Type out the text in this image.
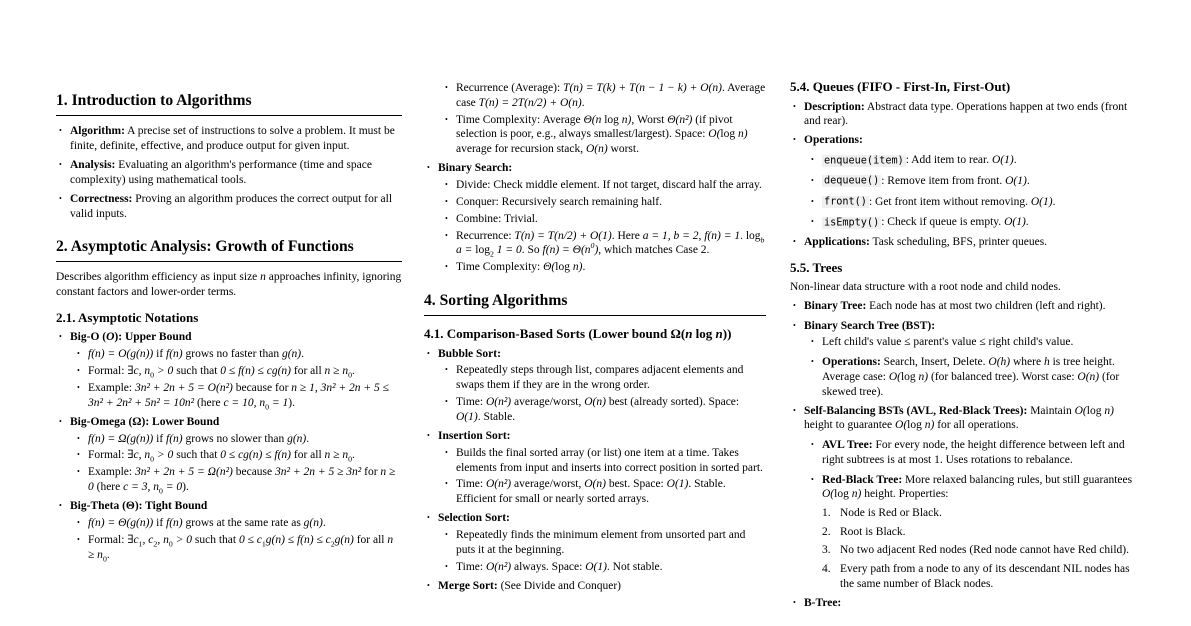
1. Introduction to Algorithms
• Algorithm: A precise set of instructions to solve a problem. It must be finite, definite, effective, and produce output for given input.
• Analysis: Evaluating an algorithm's performance (time and space complexity) using mathematical tools.
• Correctness: Proving an algorithm produces the correct output for all valid inputs.
2. Asymptotic Analysis: Growth of Functions
Describes algorithm efficiency as input size n approaches infinity, ignoring constant factors and lower-order terms.
2.1. Asymptotic Notations
• Big-O (O): Upper Bound
• f(n) = O(g(n)) if f(n) grows no faster than g(n).
• Formal: ∃c, $n_0 > 0$ such that 0 ≤ f(n) ≤ cg(n) for all $n \ge n_0$.
• Example: 3n² + 2n + 5 = O(n²) because for n ≥ 1, 3n² + 2n + 5 ≤ 3n² + 2n² + 5n² = 10n² (here c = 10, $n_0 = 1$).
• Big-Omega (Ω): Lower Bound
• f(n) = Ω(g(n)) if f(n) grows no slower than g(n).
• Formal: ∃c, $n_0 > 0$ such that 0 ≤ cg(n) ≤ f(n) for all $n \ge n_0$.
• Example: 3n² + 2n + 5 = Ω(n²) because 3n² + 2n + 5 ≥ 3n² for n ≥ 0 (here c = 3, $n_0 = 0$).
• Big-Theta (Θ): Tight Bound
• f(n) = Θ(g(n)) if f(n) grows at the same rate as g(n).
• Formal: $\exists c_1$, $c_2$, $n_0 > 0$ such that $0 \le c_1g(n) \le f(n) \le c_2g(n)$ for all $n \ge n_0$.
• Recurrence (Average): T(n) = T(k) + T(n − 1 − k) + O(n). Average case T(n) = 2T(n/2) + O(n).
• Time Complexity: Average Θ(n log n), Worst Θ(n²) (if pivot selection is poor, e.g., always smallest/largest). Space: O(log n) average for recursion stack, O(n) worst.
• Binary Search:
• Divide: Check middle element. If not target, discard half the array.
• Conquer: Recursively search remaining half.
• Combine: Trivial.
• Recurrence: T(n) = T(n/2) + O(1). Here a = 1, b = 2, f(n) = 1. $\log_b a = \log_2 1 = 0$. So $f(n) = \Theta(n^0)$, which matches Case 2.
• Time Complexity: Θ(log n).
4. Sorting Algorithms
4.1. Comparison-Based Sorts (Lower bound Ω(n log n))
• Bubble Sort:
• Repeatedly steps through list, compares adjacent elements and swaps them if they are in the wrong order.
• Time: O(n²) average/worst, O(n) best (already sorted). Space: O(1). Stable.
• Insertion Sort:
• Builds the final sorted array (or list) one item at a time. Takes elements from input and inserts into correct position in sorted part.
• Time: O(n²) average/worst, O(n) best. Space: O(1). Stable. Efficient for small or nearly sorted arrays.
• Selection Sort:
• Repeatedly finds the minimum element from unsorted part and puts it at the beginning.
• Time: O(n²) always. Space: O(1). Not stable.
• Merge Sort: (See Divide and Conquer)
5.4. Queues (FIFO - First-In, First-Out)
• Description: Abstract data type. Operations happen at two ends (front and rear).
• Operations:
• enqueue(item) : Add item to rear. O(1).
• dequeue() : Remove item from front. O(1).
• front() : Get front item without removing. O(1).
• isEmpty() : Check if queue is empty. O(1).
• Applications: Task scheduling, BFS, printer queues.
5.5. Trees
Non-linear data structure with a root node and child nodes.
• Binary Tree: Each node has at most two children (left and right).
• Binary Search Tree (BST):
• Left child's value ≤ parent's value ≤ right child's value.
• Operations: Search, Insert, Delete. O(h) where h is tree height.
Average case: O(log n) (for balanced tree). Worst case: O(n) (for skewed tree).
• Self-Balancing BSTs (AVL, Red-Black Trees): Maintain O(log n) height to guarantee O(log n) for all operations.
• AVL Tree: For every node, the height difference between left and right subtrees is at most 1. Uses rotations to rebalance.
• Red-Black Tree: More relaxed balancing rules, but still guarantees O(log n) height. Properties:
1. Node is Red or Black.
2. Root is Black.
3. No two adjacent Red nodes (Red node cannot have Red child).
4. Every path from a node to any of its descendant NIL nodes has the same number of Black nodes.
• B-Tree:
